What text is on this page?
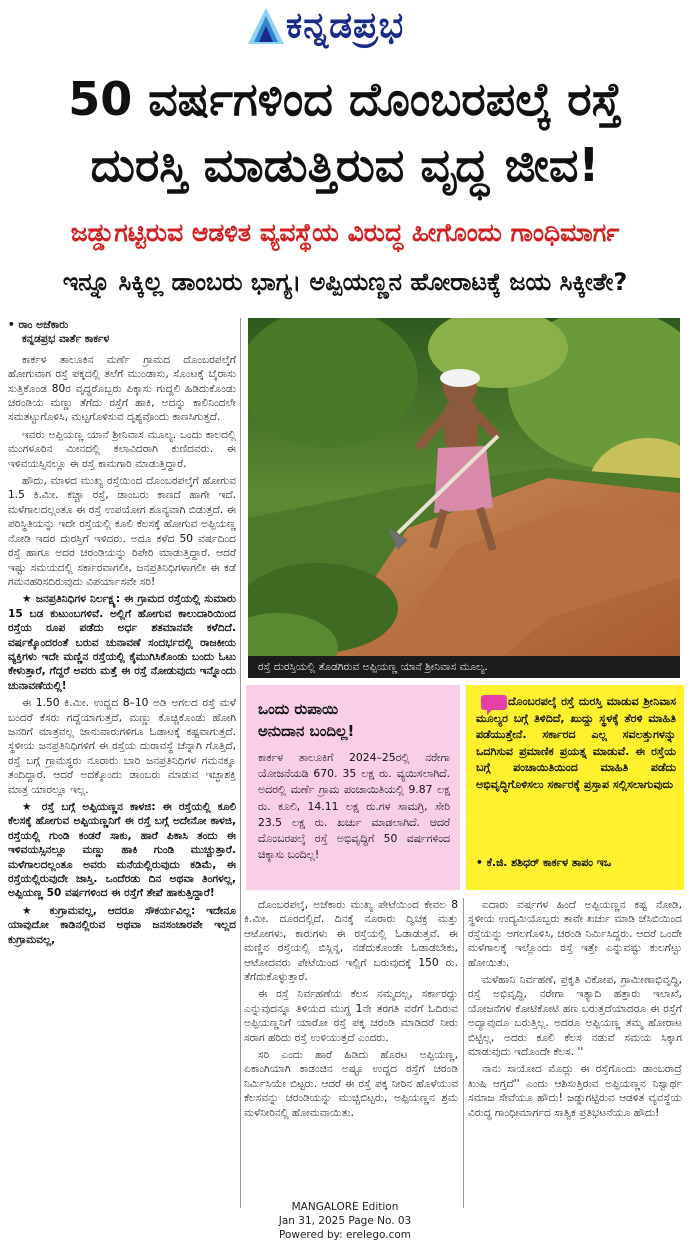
ಕನ್ನಡಪ್ರಭ
50 ವರ್ಷಗಳಿಂದ ದೊಂಬರಪಲ್ಕೆ ರಸ್ತೆ
ದುರಸ್ತಿ ಮಾಡುತ್ತಿರುವ ವೃದ್ಧ ಜೀವ!
ಜಡ್ಡುಗಟ್ಟಿರುವ ಆಡಳಿತ ವ್ಯವಸ್ಥೆಯ ವಿರುದ್ಧ ಹೀಗೊಂದು ಗಾಂಧಿಮಾರ್ಗ
ಇನ್ನೂ ಸಿಕ್ಕಿಲ್ಲ ಡಾಂಬರು ಭಾಗ್ಯ। ಅಪ್ಪಿಯಣ್ಣನ ಹೋರಾಟಕ್ಕೆ ಜಯ ಸಿಕ್ಕೀತೇ?

• ರಾಂ ಅಜೆಕಾರು

ಕನ್ನಡಪ್ರಭ ವಾರ್ತೆ ಕಾರ್ಕಳ

ಕಾರ್ಕಳ ತಾಲೂಕಿನ ಮರ್ಣೆ ಗ್ರಾಮದ ದೊಂಬರಪಲ್ಕೆಗೆ ಹೋಗುವಾಗ ರಸ್ತೆ ಪಕ್ಕದಲ್ಲಿ ತಲೆಗೆ ಮುಂಡಾಸು, ಸೊಂಟಕ್ಕೆ ಬೈರಾಸು ಸುತ್ತಿಕೊಂಡ 80ರ ವೃದ್ಧರೊಬ್ಬರು ಪಿಕ್ಕಾಸು ಗುದ್ದಲಿ ಹಿಡಿದುಕೊಂಡು ಚರಂಡಿಯ ಮಣ್ಣು ತೆಗೆದು ರಸ್ತೆಗೆ ಹಾಕಿ, ಅದನ್ನು ಕಾಲಿನಿಂದಲೇ ಸಮತಟ್ಟುಗೊಳಿಸಿ, ಮಟ್ಟಗೊಳಿಸುವ ದೃಶ್ಯವೊಂದು ಕಾಣಸಿಗುತ್ತದೆ.

ಇವರು ಅಪ್ಪಿಯಣ್ಣ ಯಾನೆ ಶ್ರೀನಿವಾಸ ಮೂಲ್ಯ. ಒಂದು ಕಾಲದಲ್ಲಿ ಮಂಗಳೂರಿನ ಮೀನದಲ್ಲಿ ಕಲಾವಿದರಾಗಿ ಕುಣಿದವರು. ಈ ಇಳಿವಯಸ್ಸಿನಲ್ಲೂ ಈ ರಸ್ತೆ ಕಾಮಗಾರಿ ಮಾಡುತ್ತಿದ್ದಾರೆ.

ಹೌದು, ಮಾಳದ ಮುಖ್ಯ ರಸ್ತೆಯಿಂದ ದೊಂಬರಪಲ್ಕೆಗೆ ಹೋಗುವ 1.5 ಕಿ.ಮೀ. ಕಚ್ಚಾ ರಸ್ತೆ, ಡಾಂಬರು ಕಾಣದೆ ಹಾಗೇ ಇದೆ. ಮಳೆಗಾಲದಲ್ಲಂತೂ ಈ ರಸ್ತೆ ಉಪಯೋಗ ಶೂನ್ಯವಾಗಿ ಬಿಡುತ್ತದೆ. ಈ ಪರಿಸ್ಥಿತಿಯನ್ನು ಇದೇ ರಸ್ತೆಯಲ್ಲಿ ಕೂಲಿ ಕೆಲಸಕ್ಕೆ ಹೋಗುವ ಅಪ್ಪಿಯಣ್ಣ ನೋಡಿ ಇದರ ದುರಸ್ತಿಗೆ ಇಳಿದರು. ಅದೂ ಕಳೆದ 50 ವರ್ಷದಿಂದ ರಸ್ತೆ ಹಾಗೂ ಅದರ ಚರಂಡಿಯನ್ನು ರಿಪೇರಿ ಮಾಡುತ್ತಿದ್ದಾರೆ. ಆದರೆ ಇಷ್ಟು ಸಮಯದಲ್ಲಿ ಸರ್ಕಾರವಾಗಲೀ, ಜನಪ್ರತಿನಿಧಿಗಳಾಗಲೀ ಈ ಕಡೆ ಗಮನಹರಿಸದಿರುವುದು ವಿಪರ್ಯಾಸವೇ ಸರಿ!

★ ಜನಪ್ರತಿನಿಧಿಗಳ ನಿರ್ಲಕ್ಷ್ಯ: ಈ ಗ್ರಾಮದ ರಸ್ತೆಯಲ್ಲಿ ಸುಮಾರು 15 ಬಡ ಕುಟುಂಬಗಳಿವೆ. ಅಲ್ಲಿಗೆ ಹೋಗುವ ಕಾಲುದಾರಿಯಿಂದ ರಸ್ತೆಯ ರೂಪ ಪಡೆದು ಅರ್ಧ ಶತಮಾನವೇ ಕಳೆದಿದೆ. ವರ್ಷಕ್ಕೊಂದರಂತೆ ಬರುವ ಚುನಾವಣೆ ಸಂದರ್ಭದಲ್ಲಿ ರಾಜಕೀಯ ವ್ಯಕ್ತಿಗಳು ಇದೇ ಮಣ್ಣಿನ ರಸ್ತೆಯಲ್ಲಿ ಕೈಮುಗಿಸಿಕೊಂಡು ಬಂದು ಓಟು ಕೇಳುತ್ತಾರೆ, ಗೆದ್ದರೆ ಅವರು ಮತ್ತೆ ಈ ರಸ್ತೆ ನೋಡುವುದು ಇನ್ನೊಂದು ಚುನಾವಣೆಯಲ್ಲಿ!

ಈ 1.50 ಕಿ.ಮೀ. ಉದ್ದದ 8–10 ಅಡಿ ಅಗಲದ ರಸ್ತೆ ಮಳೆ ಬಂದರೆ ಕೆಸರು ಗದ್ದೆಯಾಗುತ್ತದೆ, ಮಣ್ಣು ಕೊಚ್ಚಿಕೊಂಡು ಹೋಗಿ ಜನರಿಗೆ ಮಾತ್ರವಲ್ಲ ಜಾನುವಾರುಗಳಿಗೂ ಓಡಾಟಕ್ಕೆ ಕಷ್ಟವಾಗುತ್ತದೆ. ಸ್ಥಳೀಯ ಜನಪ್ರತಿನಿಧಿಗಳಿಗೆ ಈ ರಸ್ತೆಯ ದುರಾವಸ್ಥೆ ಚೆನ್ನಾಗಿ ಗೊತ್ತಿದೆ, ರಸ್ತೆ ಬಗ್ಗೆ ಗ್ರಾಮಸ್ಥರು ನೂರಾರು ಬಾರಿ ಜನಪ್ರತಿನಿಧಿಗಳ ಗಮನಕ್ಕೂ ತಂದಿದ್ದಾರೆ. ಆದರೆ ಅದಕ್ಕೊಂದು ಡಾಂಬರು ಮಾಡುವ ಇಚ್ಛಾಶಕ್ತಿ ಮಾತ್ರ ಯಾರಲ್ಲೂ ಇಲ್ಲ.

★ ರಸ್ತೆ ಬಗ್ಗೆ ಅಪ್ಪಿಯಣ್ಣನ ಕಾಳಜಿ: ಈ ರಸ್ತೆಯಲ್ಲಿ ಕೂಲಿ ಕೆಲಸಕ್ಕೆ ಹೋಗುವ ಅಪ್ಪಿಯಣ್ಣನಿಗೆ ಈ ರಸ್ತೆ ಬಗ್ಗೆ ಅದೇನೋ ಕಾಳಜಿ, ರಸ್ತೆಯಲ್ಲಿ ಗುಂಡಿ ಕಂಡರೆ ಸಾಕು, ಹಾರೆ ಪಿಕಾಸಿ ತಂದು ಈ ಇಳಿವಯಸ್ಸಿನಲ್ಲೂ ಮಣ್ಣು ಹಾಕಿ ಗುಂಡಿ ಮುಚ್ಚುತ್ತಾರೆ. ಮಳೆಗಾಲದಲ್ಲಂತೂ ಅವರು ಮನೆಯಲ್ಲಿರುವುದು ಕಡಿಮೆ, ಈ ರಸ್ತೆಯಲ್ಲಿರುವುದೇ ಜಾಸ್ತಿ. ಒಂದೆರಡು ದಿನ ಅಥವಾ ತಿಂಗಳಲ್ಲ, ಅಪ್ಪಿಯಣ್ಣ 50 ವರ್ಷಗಳಿಂದ ಈ ರಸ್ತೆಗೆ ತೇಪೆ ಹಾಕುತ್ತಿದ್ದಾರೆ!

★ ಕುಗ್ರಾಮವಲ್ಲ, ಆದರೂ ಸೌಕರ್ಯವಿಲ್ಲ: ಇದೇನೂ ಯಾವುದೋ ಕಾಡಿನಲ್ಲಿರುವ ಅಥವಾ ಜನಸಂಚಾರವೇ ಇಲ್ಲದ ಕುಗ್ರಾಮವಲ್ಲ,

ರಸ್ತೆ ದುರಸ್ತಿಯಲ್ಲಿ ತೊಡಗಿರುವ ಅಪ್ಪಿಯಣ್ಣ ಯಾನೆ ಶ್ರೀನಿವಾಸ ಮೂಲ್ಯ.
ಒಂದು ರುಪಾಯಿ
ಅನುದಾನ ಬಂದಿಲ್ಲ!
ಕಾರ್ಕಳ ತಾಲೂಕಿಗೆ 2024–25ರಲ್ಲಿ ನರೇಗಾ ಯೋಜನೆಯಡಿ 670. 35 ಲಕ್ಷ ರು. ವ್ಯಯಿಸಲಾಗಿದೆ. ಅದರಲ್ಲಿ ಮರ್ಣೆ ಗ್ರಾಮ ಪಂಚಾಯಿತಿಯಲ್ಲಿ 9.87 ಲಕ್ಷ ರು. ಕೂಲಿ, 14.11 ಲಕ್ಷ ರು.ಗಳ ಸಾಮಗ್ರಿ, ಸೇರಿ 23.5 ಲಕ್ಷ ರು. ಖರ್ಚು ಮಾಡಲಾಗಿದೆ. ಆದರೆ ದೊಂಬರಪಲ್ಕೆ ರಸ್ತೆ ಅಭಿವೃದ್ಧಿಗೆ 50 ವರ್ಷಗಳಿಂದ ಚಿಕ್ಕಾಸು ಬಂದಿಲ್ಲ!
ದೊಂಬರಪಲ್ಕೆ ರಸ್ತೆ ದುರಸ್ತಿ ಮಾಡುವ ಶ್ರೀನಿವಾಸ ಮೂಲ್ಯರ ಬಗ್ಗೆ ತಿಳಿದಿದೆ, ಖುದ್ದು ಸ್ಥಳಕ್ಕೆ ತೆರಳಿ ಮಾಹಿತಿ ಪಡೆಯುತ್ತೇನೆ. ಸರ್ಕಾರದ ಎಲ್ಲ ಸವಲತ್ತುಗಳನ್ನು ಒದಗಿಸುವ ಪ್ರಮಾಣಿಕ ಪ್ರಯತ್ನ ಮಾಡುವೆ. ಈ ರಸ್ತೆಯ ಬಗ್ಗೆ ಪಂಚಾಯಿತಿಯಿಂದ ಮಾಹಿತಿ ಪಡೆದು ಅಭಿವೃದ್ಧಿಗೊಳಿಸಲು ಸರ್ಕಾರಕ್ಕೆ ಪ್ರಸ್ತಾಪ ಸಲ್ಲಿಸಲಾಗುವುದು
• ಕೆ.ಜಿ. ಶಶಿಧರ್ ಕಾರ್ಕಳ ತಾಪಂ ಇಒ

ದೊಂಬರಪಲ್ಕೆ, ಅಜೆಕಾರು ಮುಖ್ಯ ಪೇಟೆಯಿಂದ ಕೇವಲ 8 ಕಿ.ಮೀ. ದೂರದಲ್ಲಿದೆ. ದಿನಕ್ಕೆ ನೂರಾರು ದ್ವಿಚಕ್ರ ಮತ್ತು ಆಟೋಗಳು, ಕಾರುಗಳು ಈ ರಸ್ತೆಯಲ್ಲಿ ಓಡಾಡುತ್ತವೆ. ಈ ಮಣ್ಣಿನ ರಸ್ತೆಯಲ್ಲಿ ಬಿಸ್ಲಿನ್ನ, ನಡೆದುಕೊಂಡೇ ಓಡಾಡಬೇಕು, ಆಟೋದವರು ಪೇಟೆಯಿಂದ ಇಲ್ಲಿಗೆ ಬರುವುದಕ್ಕೆ 150 ರು. ತೆಗೆದುಕೊಳ್ಳುತ್ತಾರೆ.

ಈ ರಸ್ತೆ ನಿರ್ವಹಣೆಯ ಕೆಲಸ ನಮ್ಮದಲ್ಲ, ಸರ್ಕಾರದ್ದು ಎನ್ನುವುದನ್ನೂ ತಿಳಿಯದ ಮುಗ್ಧ 1ನೇ ತರಗತಿ ವರೆಗೆ ಓದಿರುವ ಅಪ್ಪಿಯಣ್ಣನಿಗೆ ಯಾರೋ ರಸ್ತೆ ಪಕ್ಕ ಚರಂಡಿ ಮಾಡಿದರೆ ನೀರು ಸರಾಗ ಹರಿದು ರಸ್ತೆ ಉಳಿಯುತ್ತದೆ ಎಂದರು.

ಸರಿ ಎಂದು ಹಾರೆ ಹಿಡಿದು ಹೊರಟ ಅಪ್ಪಿಯಣ್ಣ, ಏಕಾಂಗಿಯಾಗಿ ಕಾಡಂಚಿನ ಅಷ್ಟೂ ಉದ್ದದ ರಸ್ತೆಗೆ ಚರಂಡಿ ನಿರ್ಮಿಸಿಯೇ ಬಿಟ್ಟರು. ಆದರೆ ಈ ರಸ್ತೆ ಪಕ್ಕ ನೀರಿನ ಹೊಳೆಯುವ ಕೆಲಸವನ್ನು ಚರಂಡಿಯನ್ನು ಮುಚ್ಚಿಬಿಟ್ಟರು, ಅಪ್ಪಿಯಣ್ಣನ ಶ್ರಮ ಮಳೆನೀರಿನಲ್ಲಿ ಹೋಮವಾಯಿತು.

ಐದಾರು ವರ್ಷಗಳ ಹಿಂದೆ ಅಪ್ಪಿಯಣ್ಣನ ಕಷ್ಟ ನೋಡಿ, ಸ್ಥಳೀಯ ಉದ್ಯಮಿಯೊಬ್ಬರು ತಾವೇ ಖರ್ಚು ಮಾಡಿ ಜೆಸಿಬಿಯಿಂದ ರಸ್ತೆಯನ್ನು ಅಗಲಗೊಳಿಸಿ, ಚರಂಡಿ ನಿರ್ಮಿಸಿದ್ದರು. ಆದರೆ ಒಂದೇ ಮಳೆಗಾಲಕ್ಕೆ ಇಲ್ಲೊಂದು ರಸ್ತೆ ಇತ್ತೇ ಎನ್ನುವಷ್ಟು ಕುಲಗೆಟ್ಟು ಹೋಯಿತು.

ಮಳೆಹಾನಿ ನಿರ್ವಹಣೆ, ಪ್ರಕೃತಿ ವಿಕೋಪ, ಗ್ರಾಮೀಣಾಭಿವೃದ್ಧಿ, ರಸ್ತೆ ಅಭಿವೃದ್ಧಿ, ನರೇಗಾ ಇತ್ಯಾದಿ ಹತ್ತಾರು ಇಲಾಖೆ, ಯೋಜನೆಗಳ ಕೋಟಿಕೋಟಿ ಹಣ ಬರುತ್ತದೆಯಾದರೂ ಈ ರಸ್ತೆಗೆ ಅದ್ಯಾವುದೂ ಬರುತ್ತಿಲ್ಲ. ಅದರೂ ಅಪ್ಪಿಯಣ್ಣ ತಮ್ಮ ಹೋರಾಟ ಬಿಟ್ಟಿಲ್ಲ, ಅದರು ಕೂಲಿ ಕೆಲಸ ನಡುವೆ ಸಮಯ ಸಿಕ್ಕಾಗ ಮಾಡುವುದು ಇದೊಂದೇ ಕೆಲಸ. ''

ನಾನು ಸಾಯೋದ ಮೊದ್ಲು ಈ ರಸ್ತೆಗೊಂದು ಡಾಂಬರಾದ್ರೆ ಖುಷಿ ಆಗ್ತದೆ'' ಎಂದು ಆಶಿಸುತ್ತಿರುವ ಅಪ್ಪಿಯಣ್ಣನ ನಿಸ್ವಾರ್ಥ ಸಮಾಜ ಸೇವೆಯೂ ಹೌದು! ಜಡ್ಡುಗಟ್ಟಿರುವ ಆಡಳಿತ ವ್ಯವಸ್ಥೆಯ ವಿರುದ್ಧ ಗಾಂಧೀಮಾರ್ಗದ ಸಾತ್ವಿಕ ಪ್ರತಿಭಟನೆಯೂ ಹೌದು!

MANGALORE Edition
Jan 31, 2025 Page No. 03
Powered by: erelego.com
